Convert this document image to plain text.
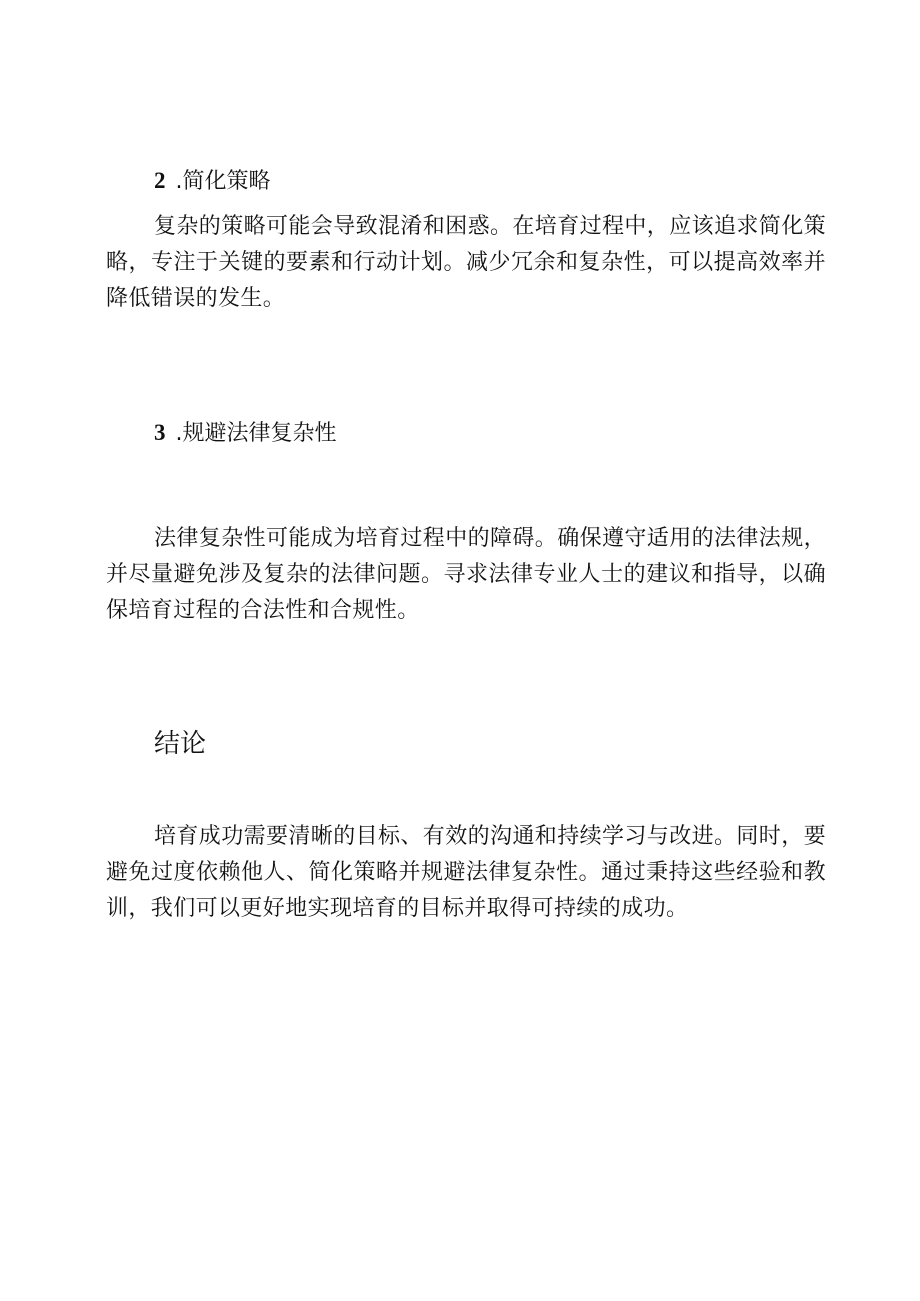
2 .简化策略

复杂的策略可能会导致混淆和困惑。在培育过程中，应该追求简化策略，专注于关键的要素和行动计划。减少冗余和复杂性，可以提高效率并降低错误的发生。

3 .规避法律复杂性

法律复杂性可能成为培育过程中的障碍。确保遵守适用的法律法规，并尽量避免涉及复杂的法律问题。寻求法律专业人士的建议和指导，以确保培育过程的合法性和合规性。

结论

培育成功需要清晰的目标、有效的沟通和持续学习与改进。同时，要避免过度依赖他人、简化策略并规避法律复杂性。通过秉持这些经验和教训，我们可以更好地实现培育的目标并取得可持续的成功。
